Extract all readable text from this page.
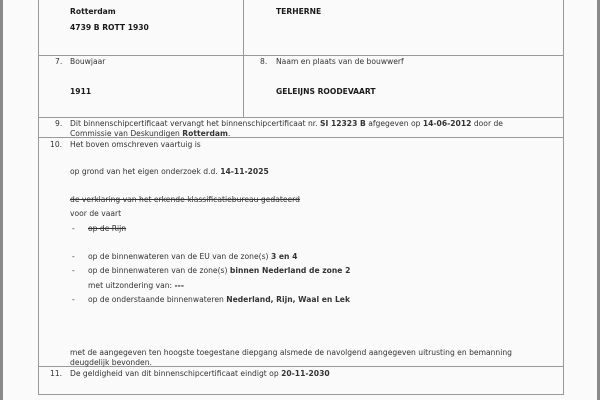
Rotterdam
4739 B ROTT 1930
TERHERNE
7. Bouwjaar
1911
8. Naam en plaats van de bouwwerf
GELEIJNS ROODEVAART
9. Dit binnenschipcertificaat vervangt het binnenschipcertificaat nr. SI 12323 B afgegeven op 14-06-2012 door de
Commissie van Deskundigen Rotterdam.
10. Het boven omschreven vaartuig is
op grond van het eigen onderzoek d.d. 14-11-2025
de verklaring van het erkende klassificatiebureau gedateerd
voor de vaart
- op de Rijn
- op de binnenwateren van de EU van de zone(s) 3 en 4
- op de binnenwateren van de zone(s) binnen Nederland de zone 2
met uitzondering van: ---
- op de onderstaande binnenwateren Nederland, Rijn, Waal en Lek
met de aangegeven ten hoogste toegestane diepgang alsmede de navolgend aangegeven uitrusting en bemanning
deugdelijk bevonden.
11. De geldigheid van dit binnenschipcertificaat eindigt op 20-11-2030
